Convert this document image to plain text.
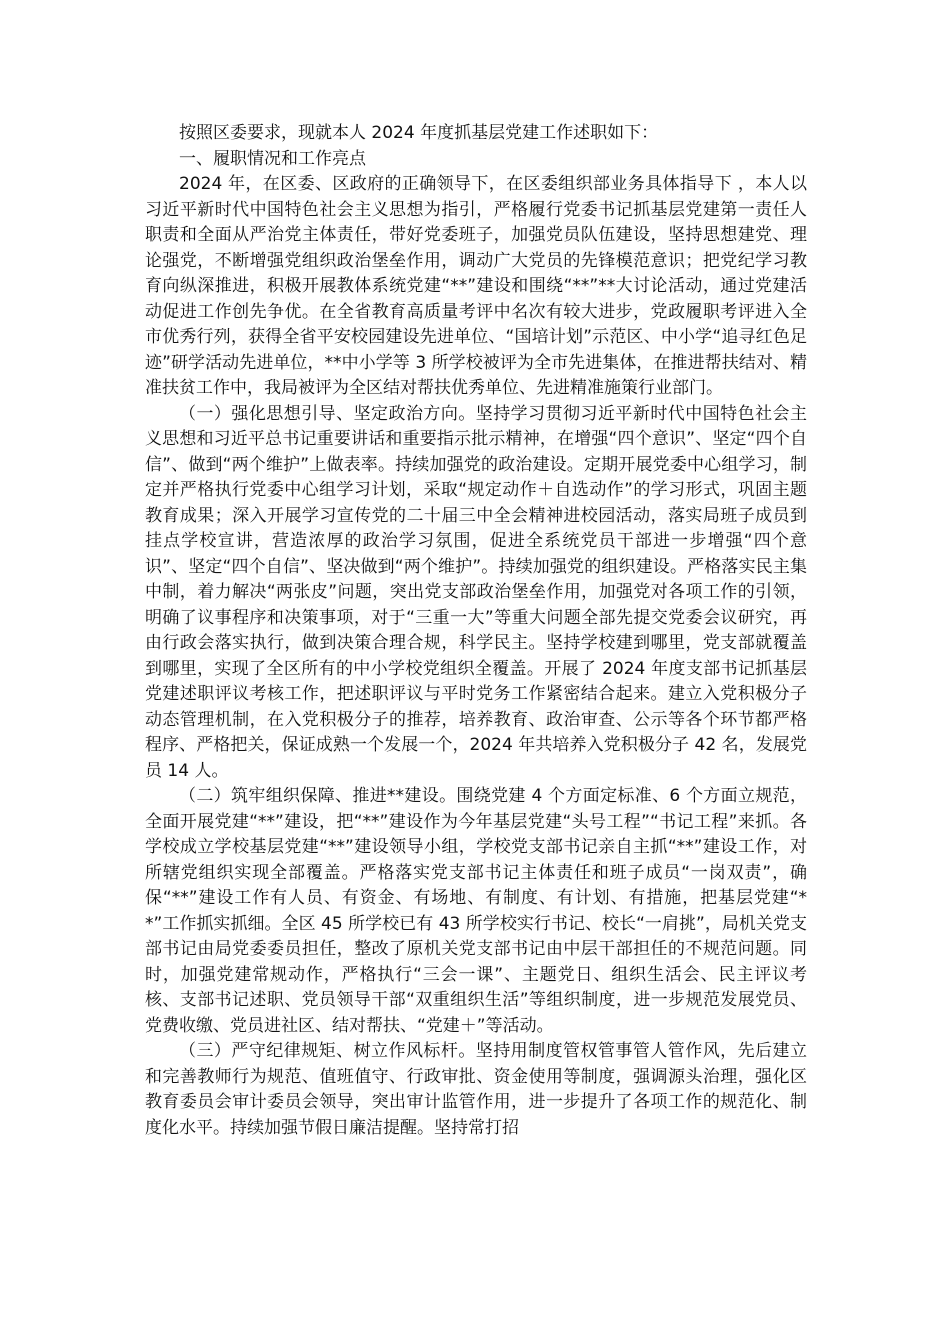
按照区委要求，现就本人 2024 年度抓基层党建工作述职如下：

一、履职情况和工作亮点

2024 年，在区委、区政府的正确领导下，在区委组织部业务具体指导下 ，本人以习近平新时代中国特色社会主义思想为指引，严格履行党委书记抓基层党建第一责任人职责和全面从严治党主体责任，带好党委班子，加强党员队伍建设，坚持思想建党、理论强党，不断增强党组织政治堡垒作用，调动广大党员的先锋模范意识；把党纪学习教育向纵深推进，积极开展教体系统党建“**”建设和围绕“**”**大讨论活动，通过党建活动促进工作创先争优。在全省教育高质量考评中名次有较大进步，党政履职考评进入全市优秀行列，获得全省平安校园建设先进单位、“国培计划”示范区、中小学“追寻红色足迹”研学活动先进单位，**中小学等 3 所学校被评为全市先进集体，在推进帮扶结对、精准扶贫工作中，我局被评为全区结对帮扶优秀单位、先进精准施策行业部门。

（一）强化思想引导、坚定政治方向。坚持学习贯彻习近平新时代中国特色社会主义思想和习近平总书记重要讲话和重要指示批示精神，在增强“四个意识”、坚定“四个自信”、做到“两个维护”上做表率。持续加强党的政治建设。定期开展党委中心组学习，制定并严格执行党委中心组学习计划，采取“规定动作＋自选动作”的学习形式，巩固主题教育成果；深入开展学习宣传党的二十届三中全会精神进校园活动，落实局班子成员到挂点学校宣讲，营造浓厚的政治学习氛围，促进全系统党员干部进一步增强“四个意识”、坚定“四个自信”、坚决做到“两个维护”。持续加强党的组织建设。严格落实民主集中制，着力解决“两张皮”问题，突出党支部政治堡垒作用，加强党对各项工作的引领，明确了议事程序和决策事项，对于“三重一大”等重大问题全部先提交党委会议研究，再由行政会落实执行，做到决策合理合规，科学民主。坚持学校建到哪里，党支部就覆盖到哪里，实现了全区所有的中小学校党组织全覆盖。开展了 2024 年度支部书记抓基层党建述职评议考核工作，把述职评议与平时党务工作紧密结合起来。建立入党积极分子动态管理机制，在入党积极分子的推荐，培养教育、政治审查、公示等各个环节都严格程序、严格把关，保证成熟一个发展一个，2024 年共培养入党积极分子 42 名，发展党员 14 人。

（二）筑牢组织保障、推进**建设。围绕党建 4 个方面定标准、6 个方面立规范，全面开展党建“**”建设，把“**”建设作为今年基层党建“头号工程”“书记工程”来抓。各学校成立学校基层党建“**”建设领导小组，学校党支部书记亲自主抓“**”建设工作，对所辖党组织实现全部覆盖。严格落实党支部书记主体责任和班子成员“一岗双责”，确保“**”建设工作有人员、有资金、有场地、有制度、有计划、有措施，把基层党建“**”工作抓实抓细。全区 45 所学校已有 43 所学校实行书记、校长“一肩挑”，局机关党支部书记由局党委委员担任，整改了原机关党支部书记由中层干部担任的不规范问题。同时，加强党建常规动作，严格执行“三会一课”、主题党日、组织生活会、民主评议考核、支部书记述职、党员领导干部“双重组织生活”等组织制度，进一步规范发展党员、党费收缴、党员进社区、结对帮扶、“党建＋”等活动。

（三）严守纪律规矩、树立作风标杆。坚持用制度管权管事管人管作风，先后建立和完善教师行为规范、值班值守、行政审批、资金使用等制度，强调源头治理，强化区教育委员会审计委员会领导，突出审计监管作用，进一步提升了各项工作的规范化、制度化水平。持续加强节假日廉洁提醒。坚持常打招
